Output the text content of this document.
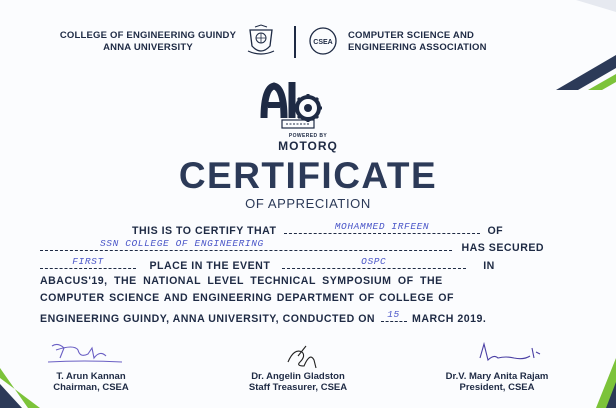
COLLEGE OF ENGINEERING GUINDY
ANNA UNIVERSITY	CSEA
COMPUTER SCIENCE AND
ENGINEERING ASSOCIATION
POWERED BY
MOTORQ
CERTIFICATE
OF APPRECIATION
THIS IS TO CERTIFY THAT	MOHAMMED IRFEEN	OF
SSN COLLEGE OF ENGINEERING	HAS SECURED
FIRST	PLACE IN THE EVENT	OSPC	IN
ABACUS'19, THE NATIONAL LEVEL TECHNICAL SYMPOSIUM OF THE
COMPUTER SCIENCE AND ENGINEERING DEPARTMENT OF COLLEGE OF
ENGINEERING GUINDY, ANNA UNIVERSITY, CONDUCTED ON	15	MARCH 2019.
T. Arun Kannan
Chairman, CSEA
Dr. Angelin Gladston
Staff Treasurer, CSEA
Dr.V. Mary Anita Rajam
President, CSEA
